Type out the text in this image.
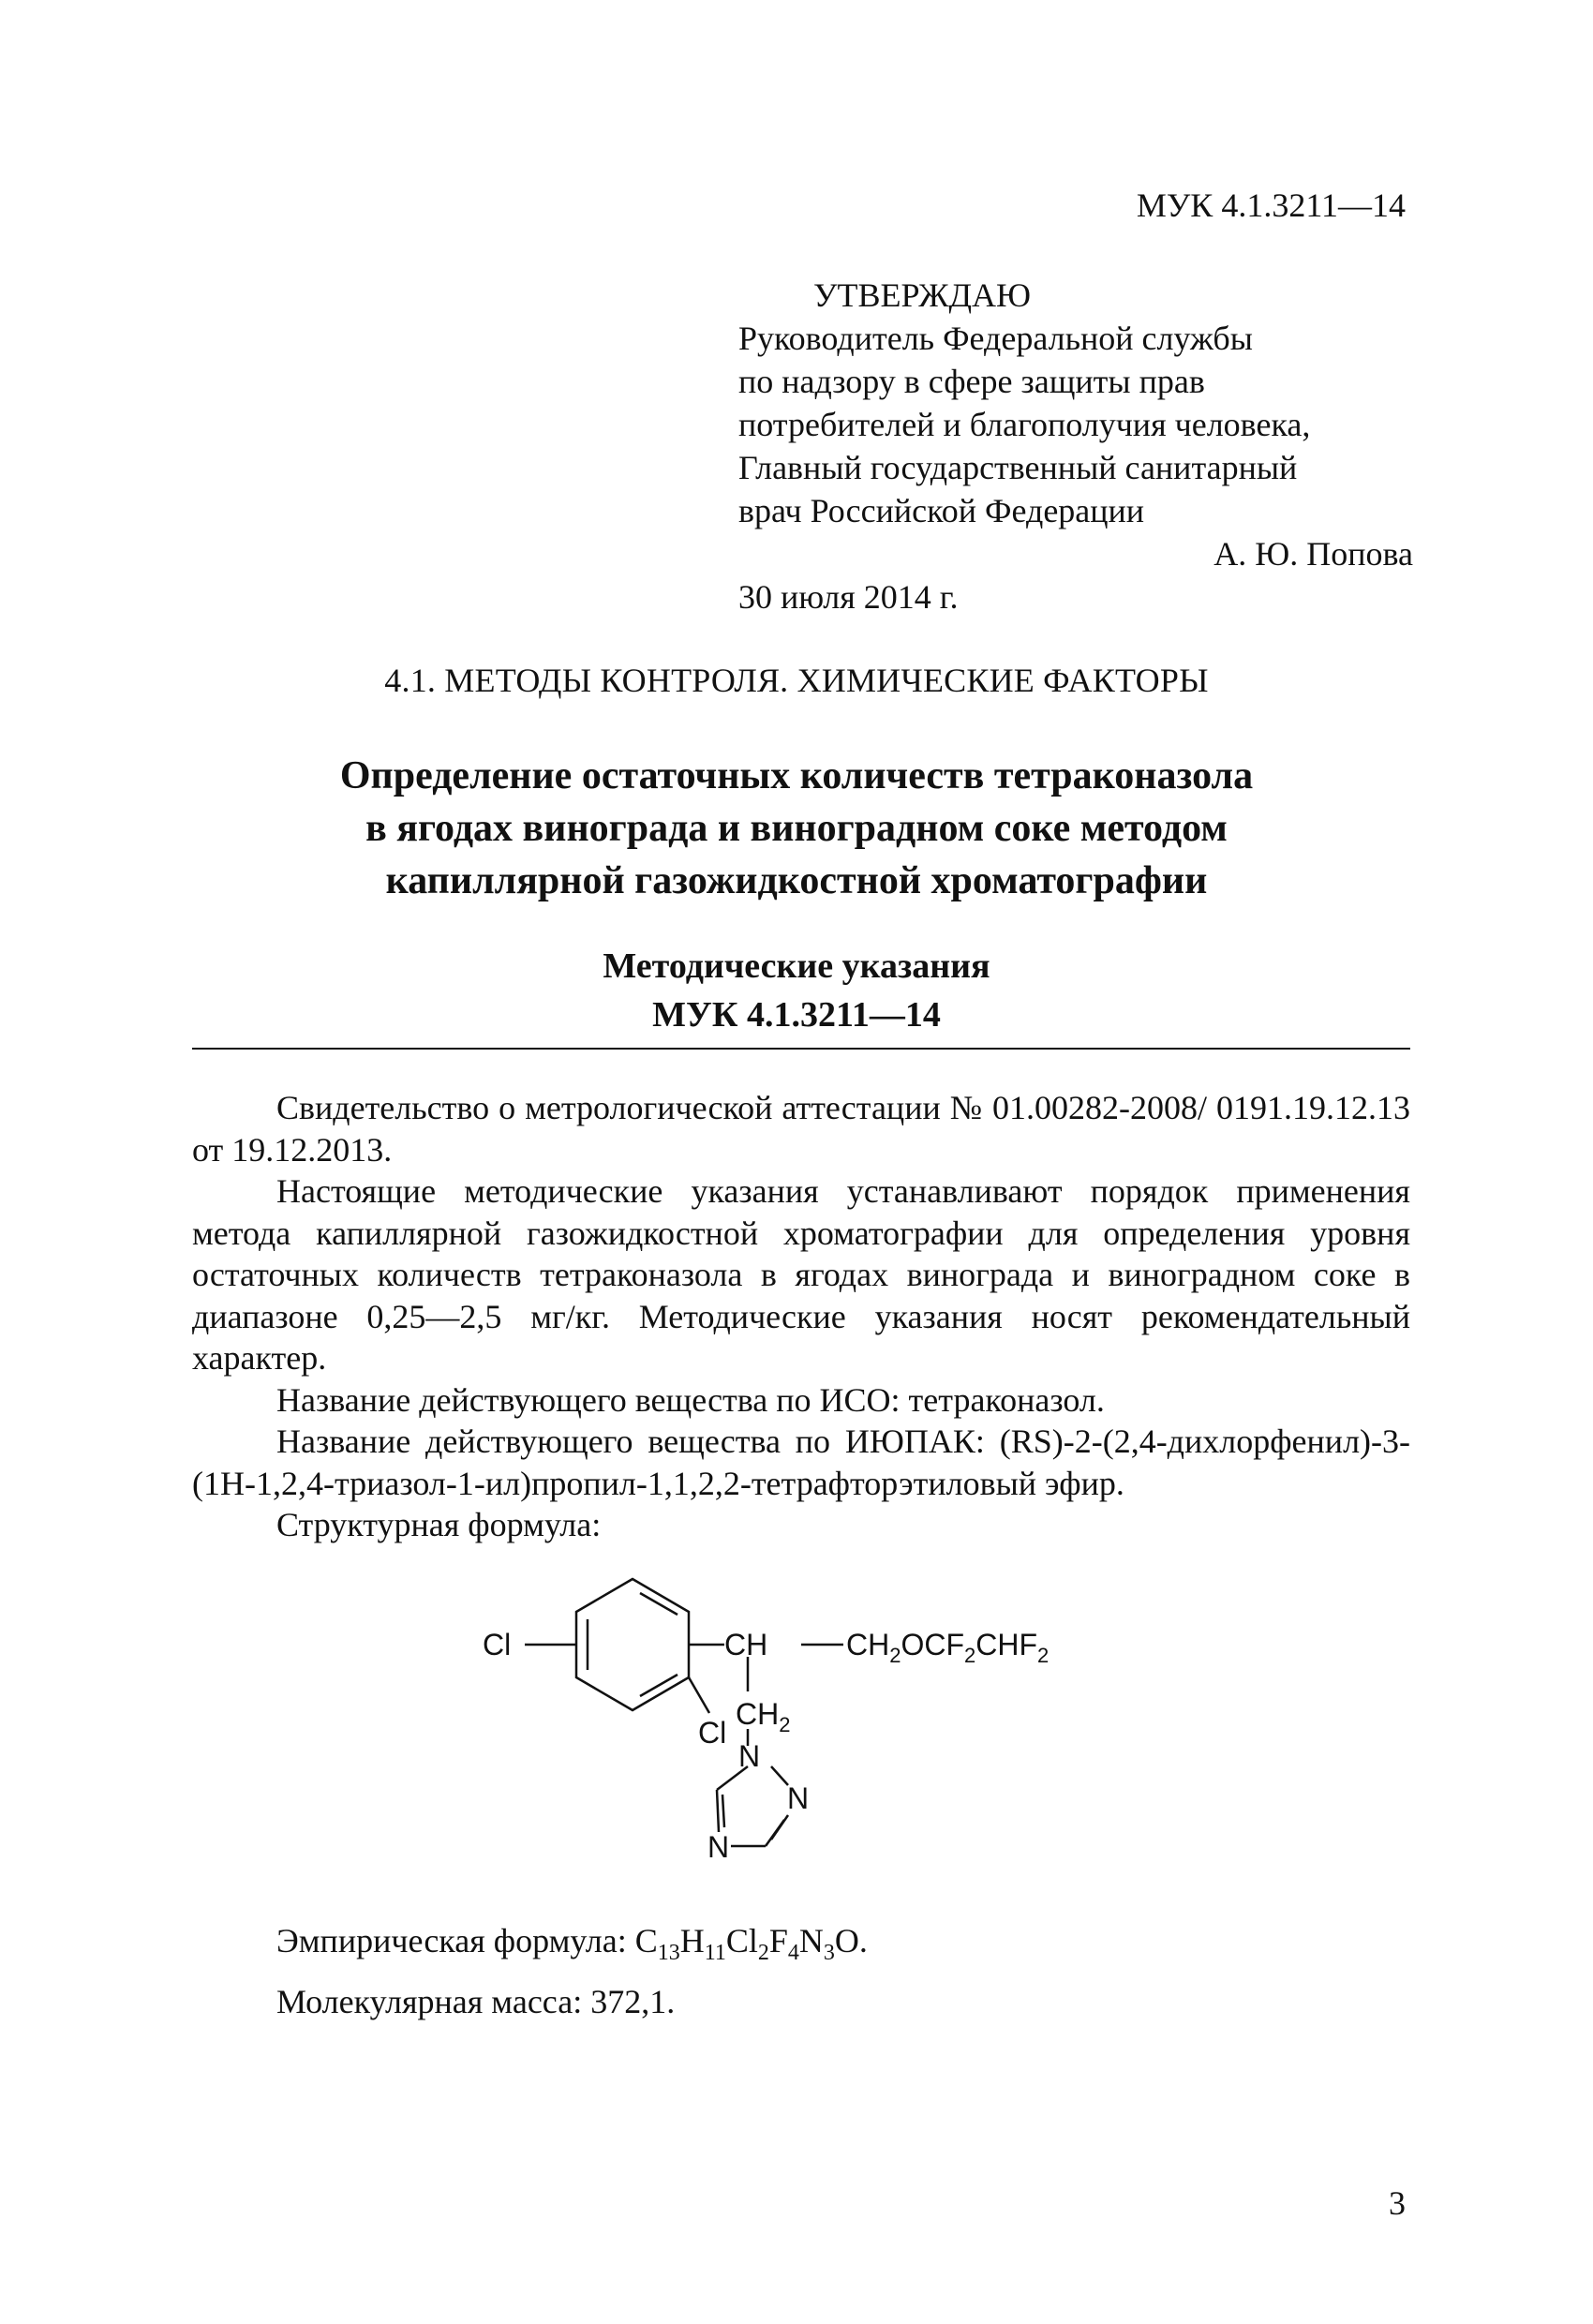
МУК 4.1.3211—14
УТВЕРЖДАЮ
Руководитель Федеральной службы
по надзору в сфере защиты прав
потребителей и благополучия человека,
Главный государственный санитарный
врач Российской Федерации
А. Ю. Попова
30 июля 2014 г.
4.1. МЕТОДЫ КОНТРОЛЯ. ХИМИЧЕСКИЕ ФАКТОРЫ
Определение остаточных количеств тетраконазола
в ягодах винограда и виноградном соке методом
капиллярной газожидкостной хроматографии
Методические указания
МУК 4.1.3211—14

Свидетельство о метрологической аттестации № 01.00282-2008/ 0191.19.12.13 от 19.12.2013.

Настоящие методические указания устанавливают порядок применения метода капиллярной газожидкостной хроматографии для определения уровня остаточных количеств тетраконазола в ягодах винограда и виноградном соке в диапазоне 0,25—2,5 мг/кг. Методические указания носят рекомендательный характер.

Название действующего вещества по ИСО: тетраконазол.

Название действующего вещества по ИЮПАК: (RS)-2-(2,4-дихлорфенил)-3-(1H-1,2,4-триазол-1-ил)пропил-1,1,2,2-тетрафторэтиловый эфир.

Структурная формула:

Cl
Cl
CH	$CH_2OCF_2CHF_2$
$CH_2$
N
N
N
Эмпирическая формула: $C_{13}H_{11}Cl_2F_4N_3O$.
Молекулярная масса: 372,1.
3
